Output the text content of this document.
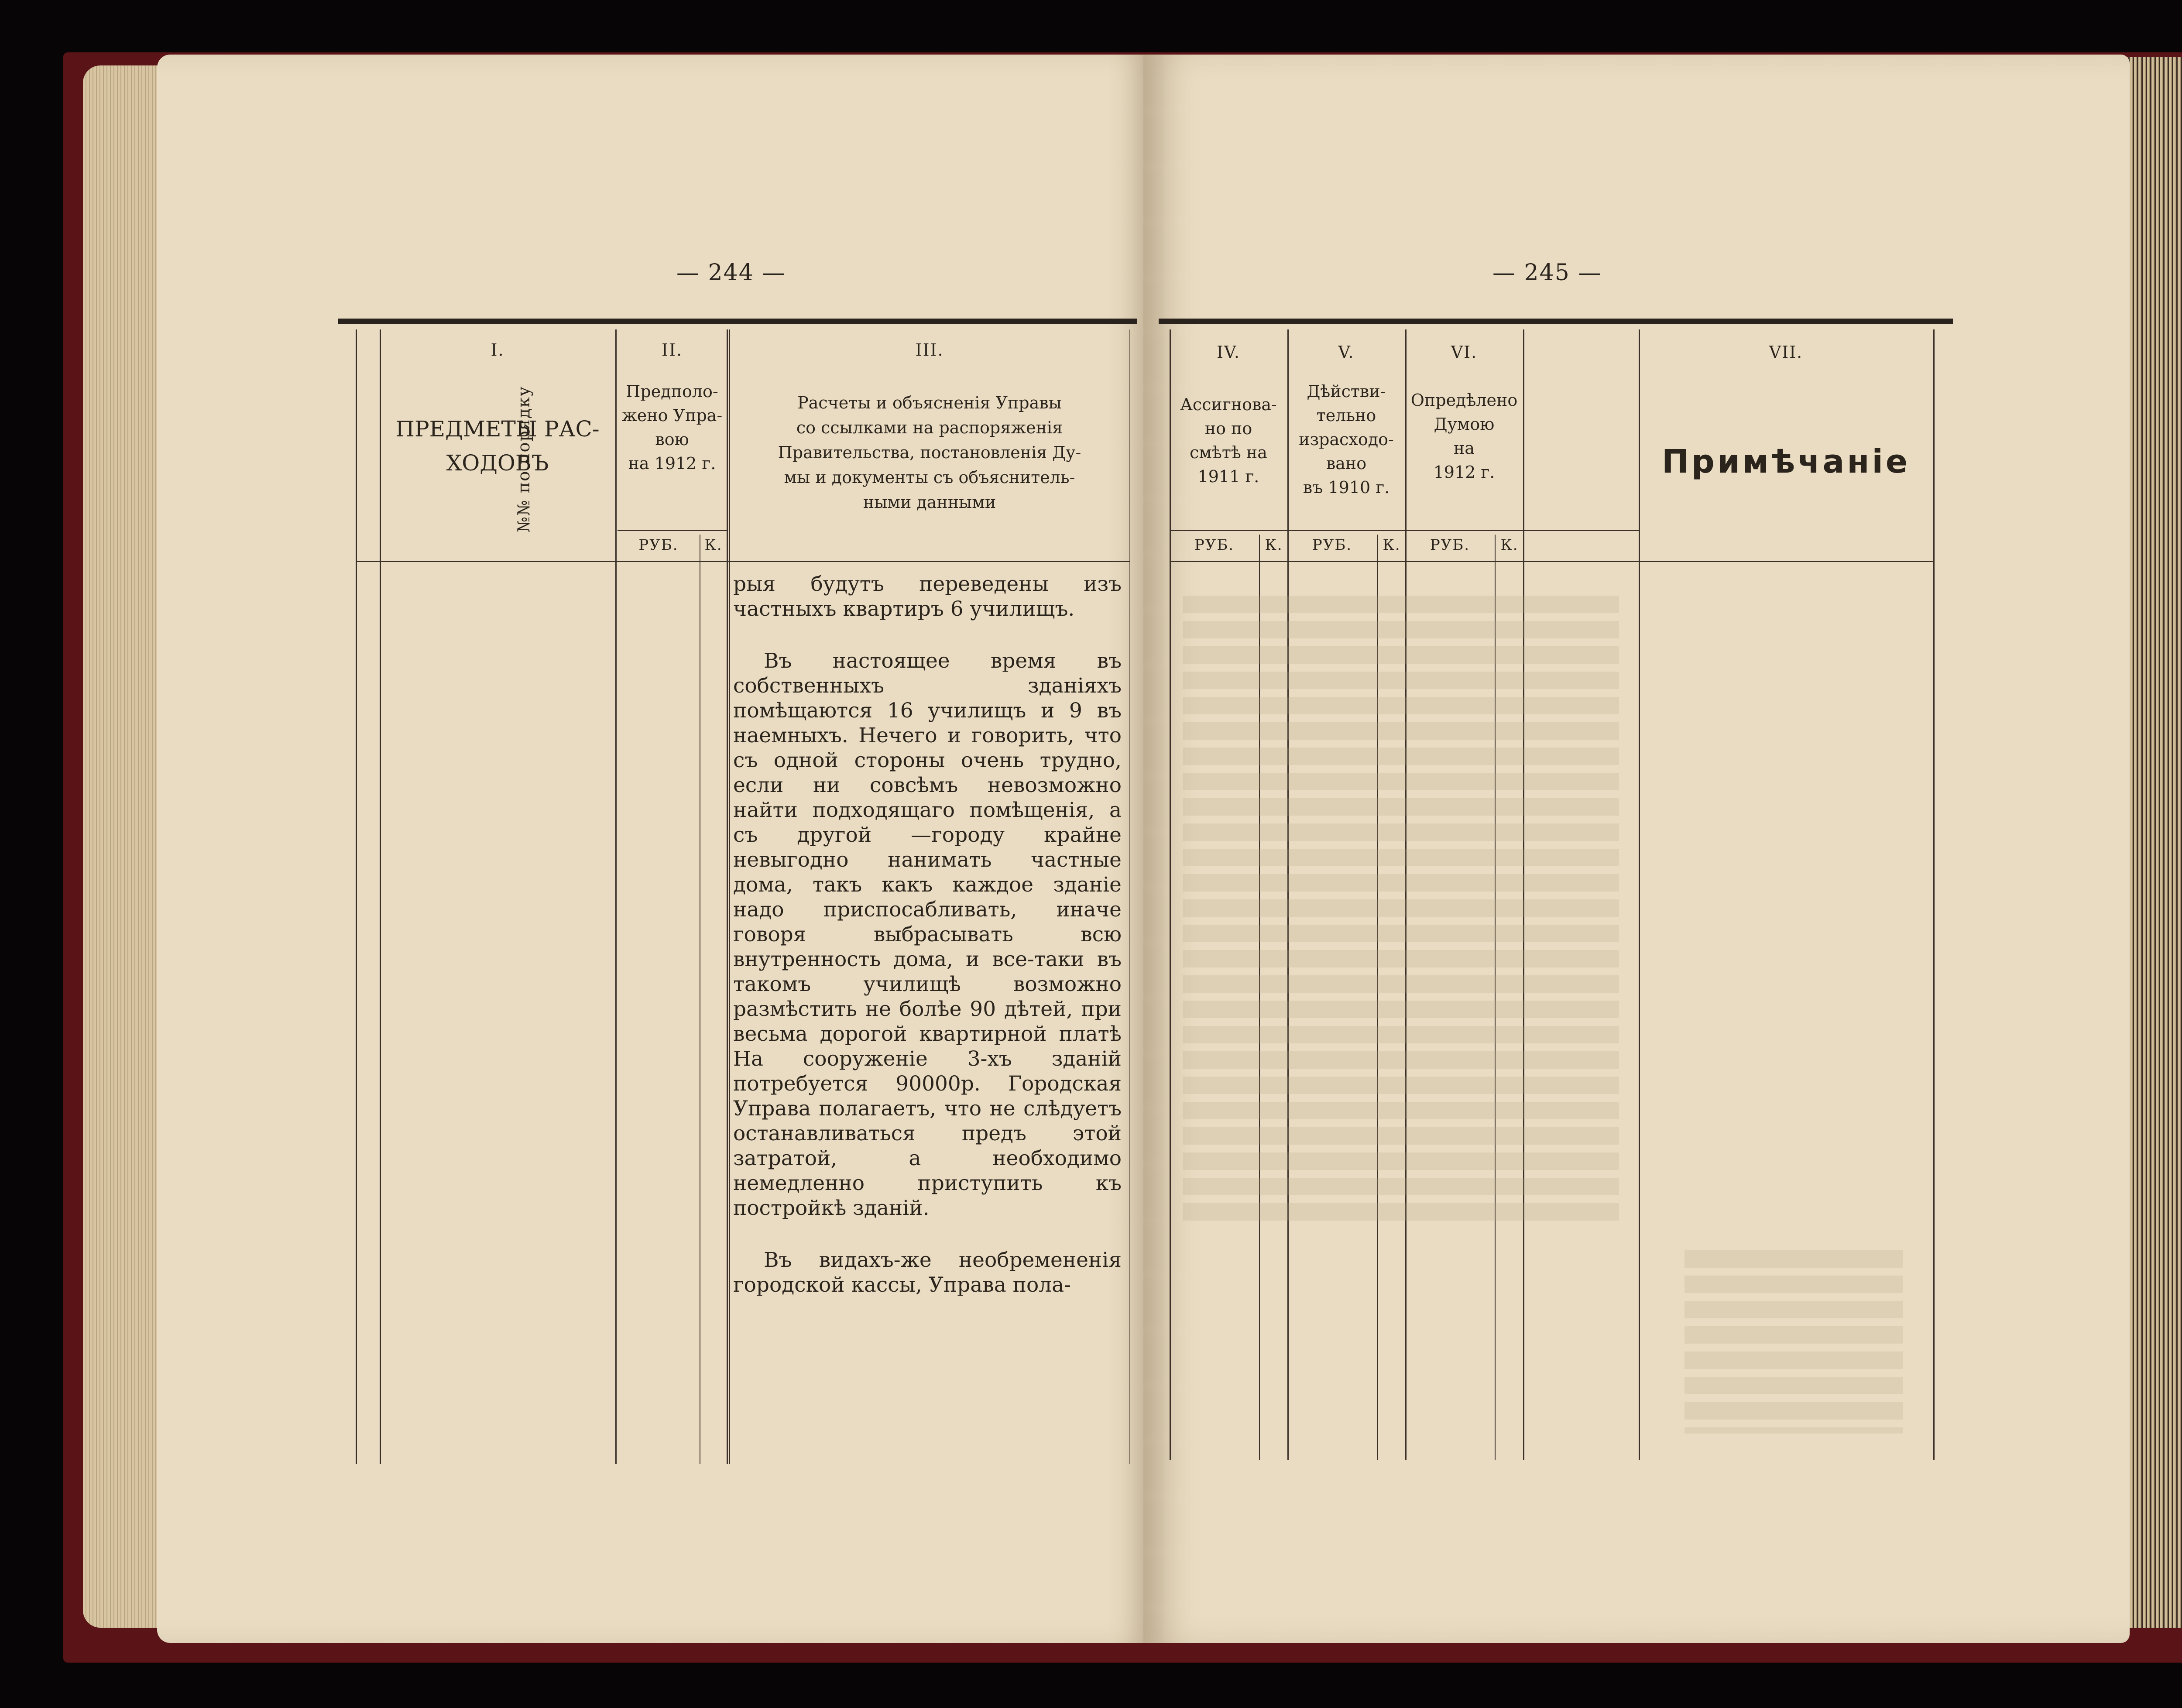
— 244 —
№№ по порядку
I.
ПРЕДМЕТЫ РАС-
ХОДОВЪ
II.
Предполо-
жено Упра-
вою
на 1912 г.
РУБ.	К.
III.
Расчеты и объясненія Управы
со ссылками на распоряженія
Правительства, постановленія Ду-
мы и документы съ объяснитель-
ными данными

рыя будутъ переведены изъ частныхъ квартиръ 6 училищъ.

Въ настоящее время въ собственныхъ зданіяхъ помѣщаются 16 училищъ и 9 въ наемныхъ. Нечего и говорить, что съ одной стороны очень трудно, если ни совсѣмъ невозможно найти подходящаго помѣщенія, а съ другой —городу крайне невыгодно нанимать частные дома, такъ какъ каждое зданіе надо приспосабливать, иначе говоря выбрасывать всю внутренность дома, и все-таки въ такомъ училищѣ возможно размѣстить не болѣе 90 дѣтей, при весьма дорогой квартирной платѣ На сооруженіе 3-хъ зданій потребуется 90000р. Городская Управа полагаетъ, что не слѣдуетъ останавливаться предъ этой затратой, а необходимо немедленно приступить къ постройкѣ зданій.

Въ видахъ-же необремененія городской кассы, Управа пола-

— 245 —
IV.
Ассигнова-
но по
смѣтѣ на
1911 г.
РУБ.	К.
V.
Дѣйстви-
тельно
израсходо-
вано
въ 1910 г.
РУБ.	К.
VI.
Опредѣлено
Думою
на
1912 г.
РУБ.	К.
VII.
Примѣчаніе
